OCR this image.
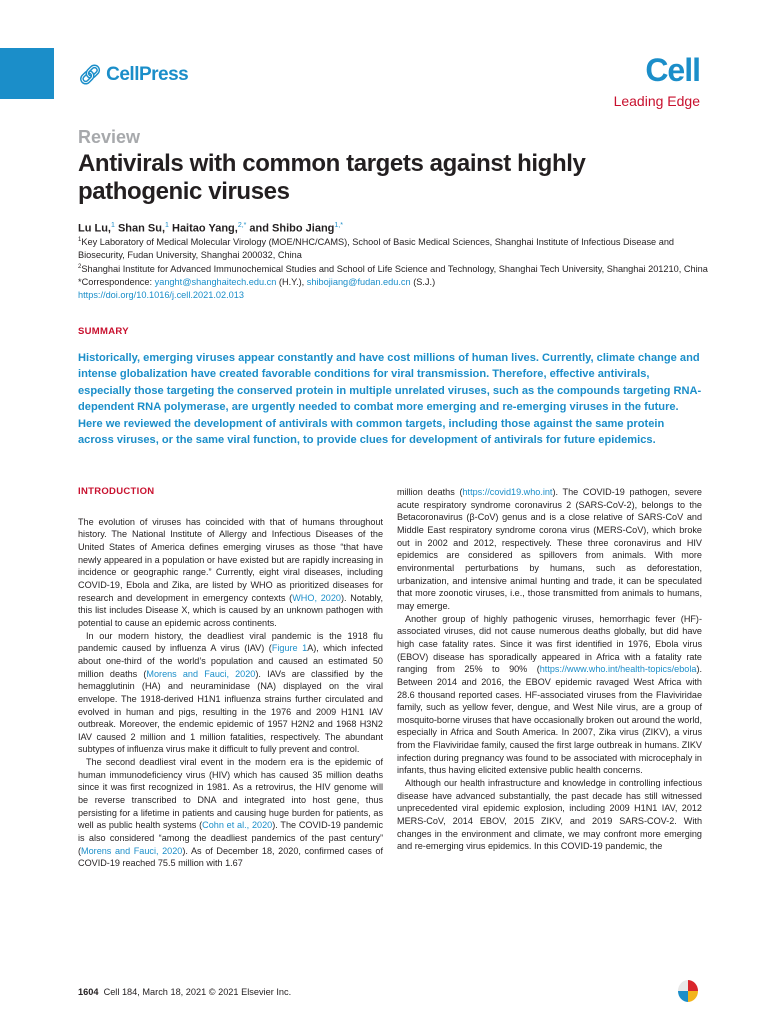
🔗︎ CellPress	Cell
Leading Edge
Review
Antivirals with common targets against highly pathogenic viruses
Lu Lu,$^1$ Shan Su,$^1$ Haitao Yang,$^{2,*}$ and Shibo Jiang$^{1,*}$

$^1$Key Laboratory of Medical Molecular Virology (MOE/NHC/CAMS), School of Basic Medical Sciences, Shanghai Institute of Infectious Disease and Biosecurity, Fudan University, Shanghai 200032, China

$^2$Shanghai Institute for Advanced Immunochemical Studies and School of Life Science and Technology, Shanghai Tech University, Shanghai 201210, China

*Correspondence: yanght@shanghaitech.edu.cn (H.Y.), shibojiang@fudan.edu.cn (S.J.)

https://doi.org/10.1016/j.cell.2021.02.013

SUMMARY

Historically, emerging viruses appear constantly and have cost millions of human lives. Currently, climate change and intense globalization have created favorable conditions for viral transmission. Therefore, effective antivirals, especially those targeting the conserved protein in multiple unrelated viruses, such as the compounds targeting RNA-dependent RNA polymerase, are urgently needed to combat more emerging and re-emerging viruses in the future. Here we reviewed the development of antivirals with common targets, including those against the same protein across viruses, or the same viral function, to provide clues for development of antivirals for future epidemics.

INTRODUCTION

The evolution of viruses has coincided with that of humans throughout history. The National Institute of Allergy and Infectious Diseases of the United States of America defines emerging viruses as those “that have newly appeared in a population or have existed but are rapidly increasing in incidence or geographic range.” Currently, eight viral diseases, including COVID-19, Ebola and Zika, are listed by WHO as prioritized diseases for research and development in emergency contexts (WHO, 2020). Notably, this list includes Disease X, which is caused by an unknown pathogen with potential to cause an epidemic across continents.

In our modern history, the deadliest viral pandemic is the 1918 flu pandemic caused by influenza A virus (IAV) (Figure 1A), which infected about one-third of the world’s population and caused an estimated 50 million deaths (Morens and Fauci, 2020). IAVs are classified by the hemagglutinin (HA) and neuraminidase (NA) displayed on the viral envelope. The 1918-derived H1N1 influenza strains further circulated and evolved in human and pigs, resulting in the 1976 and 2009 H1N1 IAV outbreak. Moreover, the endemic epidemic of 1957 H2N2 and 1968 H3N2 IAV caused 2 million and 1 million fatalities, respectively. The abundant subtypes of influenza virus make it difficult to fully prevent and control.

The second deadliest viral event in the modern era is the epidemic of human immunodeficiency virus (HIV) which has caused 35 million deaths since it was first recognized in 1981. As a retrovirus, the HIV genome will be reverse transcribed to DNA and integrated into host gene, thus persisting for a lifetime in patients and causing huge burden for patients, as well as public health systems (Cohn et al., 2020). The COVID-19 pandemic is also considered “among the deadliest pandemics of the past century” (Morens and Fauci, 2020). As of December 18, 2020, confirmed cases of COVID-19 reached 75.5 million with 1.67

million deaths (https://covid19.who.int). The COVID-19 pathogen, severe acute respiratory syndrome coronavirus 2 (SARS-CoV-2), belongs to the Betacoronavirus (β-CoV) genus and is a close relative of SARS-CoV and Middle East respiratory syndrome corona virus (MERS-CoV), which broke out in 2002 and 2012, respectively. These three coronavirus and HIV epidemics are considered as spillovers from animals. With more environmental perturbations by humans, such as deforestation, urbanization, and intensive animal hunting and trade, it can be speculated that more zoonotic viruses, i.e., those transmitted from animals to humans, may emerge.

Another group of highly pathogenic viruses, hemorrhagic fever (HF)-associated viruses, did not cause numerous deaths globally, but did have high case fatality rates. Since it was first identified in 1976, Ebola virus (EBOV) disease has sporadically appeared in Africa with a fatality rate ranging from 25% to 90% (https://www.who.int/health-topics/ebola). Between 2014 and 2016, the EBOV epidemic ravaged West Africa with 28.6 thousand reported cases. HF-associated viruses from the Flaviviridae family, such as yellow fever, dengue, and West Nile virus, are a group of mosquito-borne viruses that have occasionally broken out around the world, especially in Africa and South America. In 2007, Zika virus (ZIKV), a virus from the Flaviviridae family, caused the first large outbreak in humans. ZIKV infection during pregnancy was found to be associated with microcephaly in infants, thus having elicited extensive public health concerns.

Although our health infrastructure and knowledge in controlling infectious disease have advanced substantially, the past decade has still witnessed unprecedented viral epidemic explosion, including 2009 H1N1 IAV, 2012 MERS-CoV, 2014 EBOV, 2015 ZIKV, and 2019 SARS-COV-2. With changes in the environment and climate, we may confront more emerging and re-emerging virus epidemics. In this COVID-19 pandemic, the

1604 Cell 184, March 18, 2021 © 2021 Elsevier Inc.
